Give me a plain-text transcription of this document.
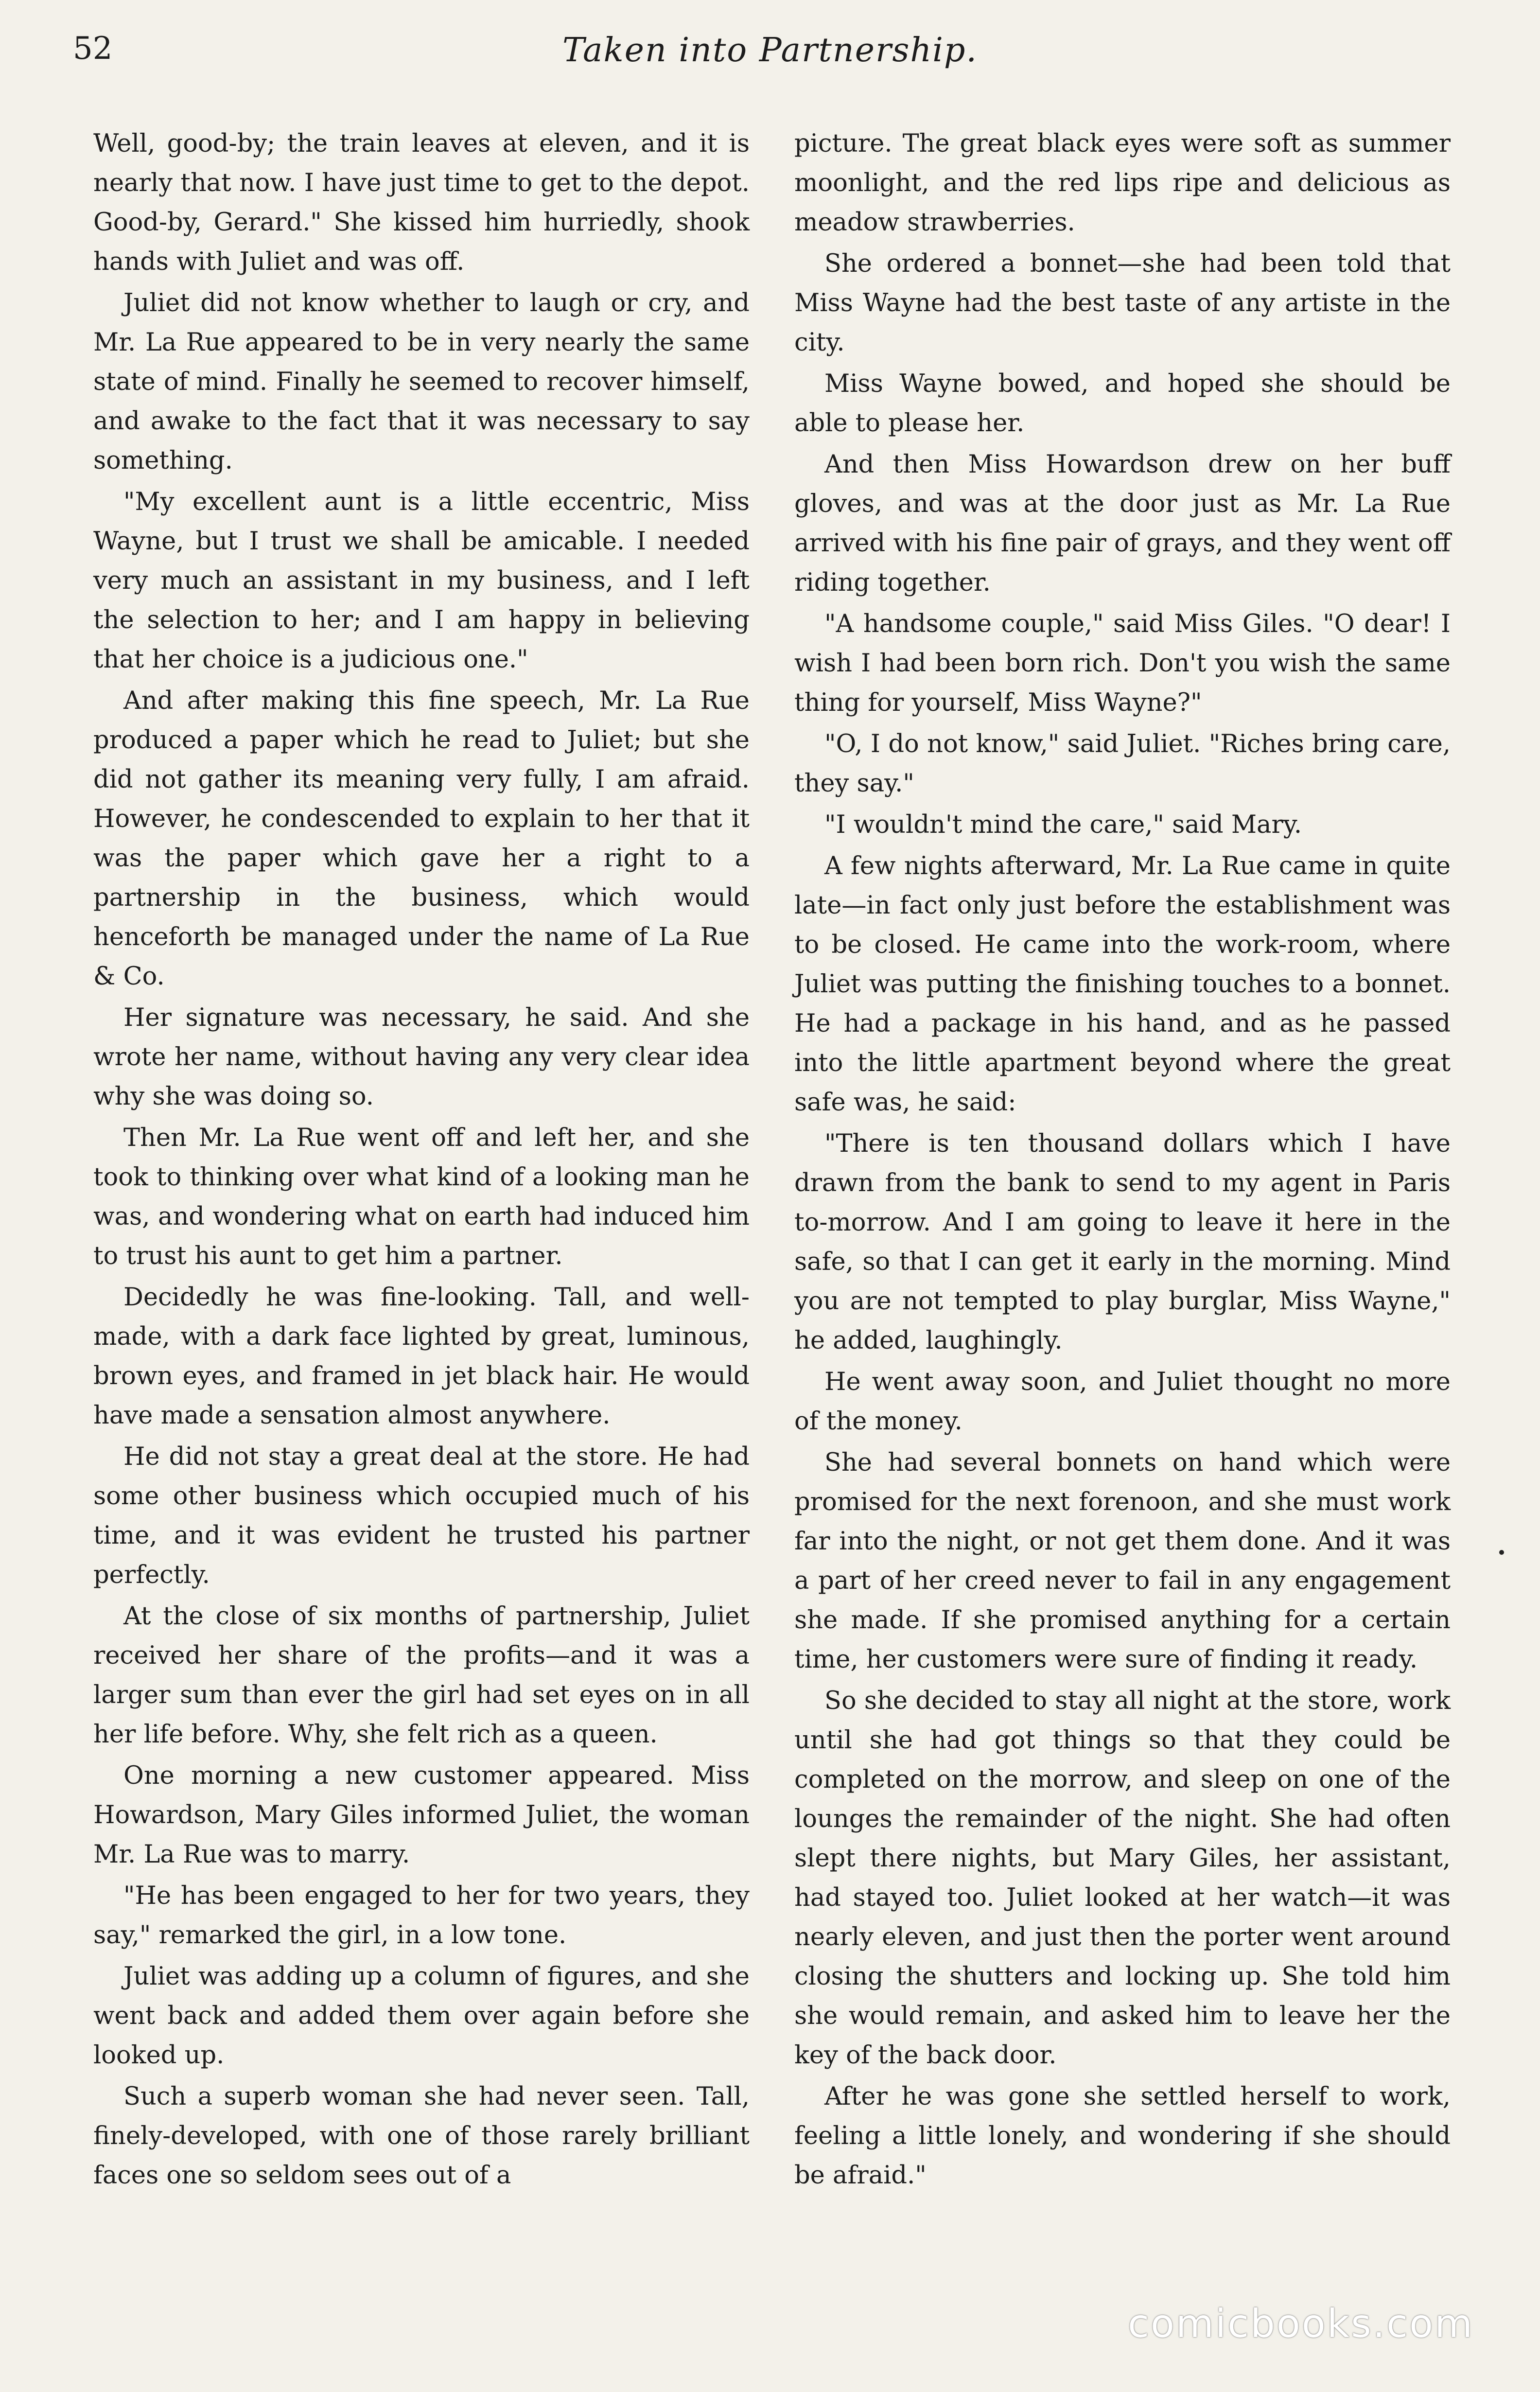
52	Taken into Partnership.

Well, good-by; the train leaves at eleven, and it is nearly that now. I have just time to get to the depot. Good-by, Gerard." She kissed him hurriedly, shook hands with Juliet and was off.

Juliet did not know whether to laugh or cry, and Mr. La Rue appeared to be in very nearly the same state of mind. Finally he seemed to recover himself, and awake to the fact that it was necessary to say something.

"My excellent aunt is a little eccentric, Miss Wayne, but I trust we shall be amicable. I needed very much an assistant in my business, and I left the selection to her; and I am happy in believing that her choice is a judicious one."

And after making this fine speech, Mr. La Rue produced a paper which he read to Juliet; but she did not gather its meaning very fully, I am afraid. However, he condescended to explain to her that it was the paper which gave her a right to a partnership in the business, which would henceforth be managed under the name of La Rue & Co.

Her signature was necessary, he said. And she wrote her name, without having any very clear idea why she was doing so.

Then Mr. La Rue went off and left her, and she took to thinking over what kind of a looking man he was, and wondering what on earth had induced him to trust his aunt to get him a partner.

Decidedly he was fine-looking. Tall, and well-made, with a dark face lighted by great, luminous, brown eyes, and framed in jet black hair. He would have made a sensation almost anywhere.

He did not stay a great deal at the store. He had some other business which occupied much of his time, and it was evident he trusted his partner perfectly.

At the close of six months of partnership, Juliet received her share of the profits—and it was a larger sum than ever the girl had set eyes on in all her life before. Why, she felt rich as a queen.

One morning a new customer appeared. Miss Howardson, Mary Giles informed Juliet, the woman Mr. La Rue was to marry.

"He has been engaged to her for two years, they say," remarked the girl, in a low tone.

Juliet was adding up a column of figures, and she went back and added them over again before she looked up.

Such a superb woman she had never seen. Tall, finely-developed, with one of those rarely brilliant faces one so seldom sees out of a

picture. The great black eyes were soft as summer moonlight, and the red lips ripe and delicious as meadow strawberries.

She ordered a bonnet—she had been told that Miss Wayne had the best taste of any artiste in the city.

Miss Wayne bowed, and hoped she should be able to please her.

And then Miss Howardson drew on her buff gloves, and was at the door just as Mr. La Rue arrived with his fine pair of grays, and they went off riding together.

"A handsome couple," said Miss Giles. "O dear! I wish I had been born rich. Don't you wish the same thing for yourself, Miss Wayne?"

"O, I do not know," said Juliet. "Riches bring care, they say."

"I wouldn't mind the care," said Mary.

A few nights afterward, Mr. La Rue came in quite late—in fact only just before the establishment was to be closed. He came into the work-room, where Juliet was putting the finishing touches to a bonnet. He had a package in his hand, and as he passed into the little apartment beyond where the great safe was, he said:

"There is ten thousand dollars which I have drawn from the bank to send to my agent in Paris to-morrow. And I am going to leave it here in the safe, so that I can get it early in the morning. Mind you are not tempted to play burglar, Miss Wayne," he added, laughingly.

He went away soon, and Juliet thought no more of the money.

She had several bonnets on hand which were promised for the next forenoon, and she must work far into the night, or not get them done. And it was a part of her creed never to fail in any engagement she made. If she promised anything for a certain time, her customers were sure of finding it ready.

So she decided to stay all night at the store, work until she had got things so that they could be completed on the morrow, and sleep on one of the lounges the remainder of the night. She had often slept there nights, but Mary Giles, her assistant, had stayed too. Juliet looked at her watch—it was nearly eleven, and just then the porter went around closing the shutters and locking up. She told him she would remain, and asked him to leave her the key of the back door.

After he was gone she settled herself to work, feeling a little lonely, and wondering if she should be afraid."

comicbooks.com
